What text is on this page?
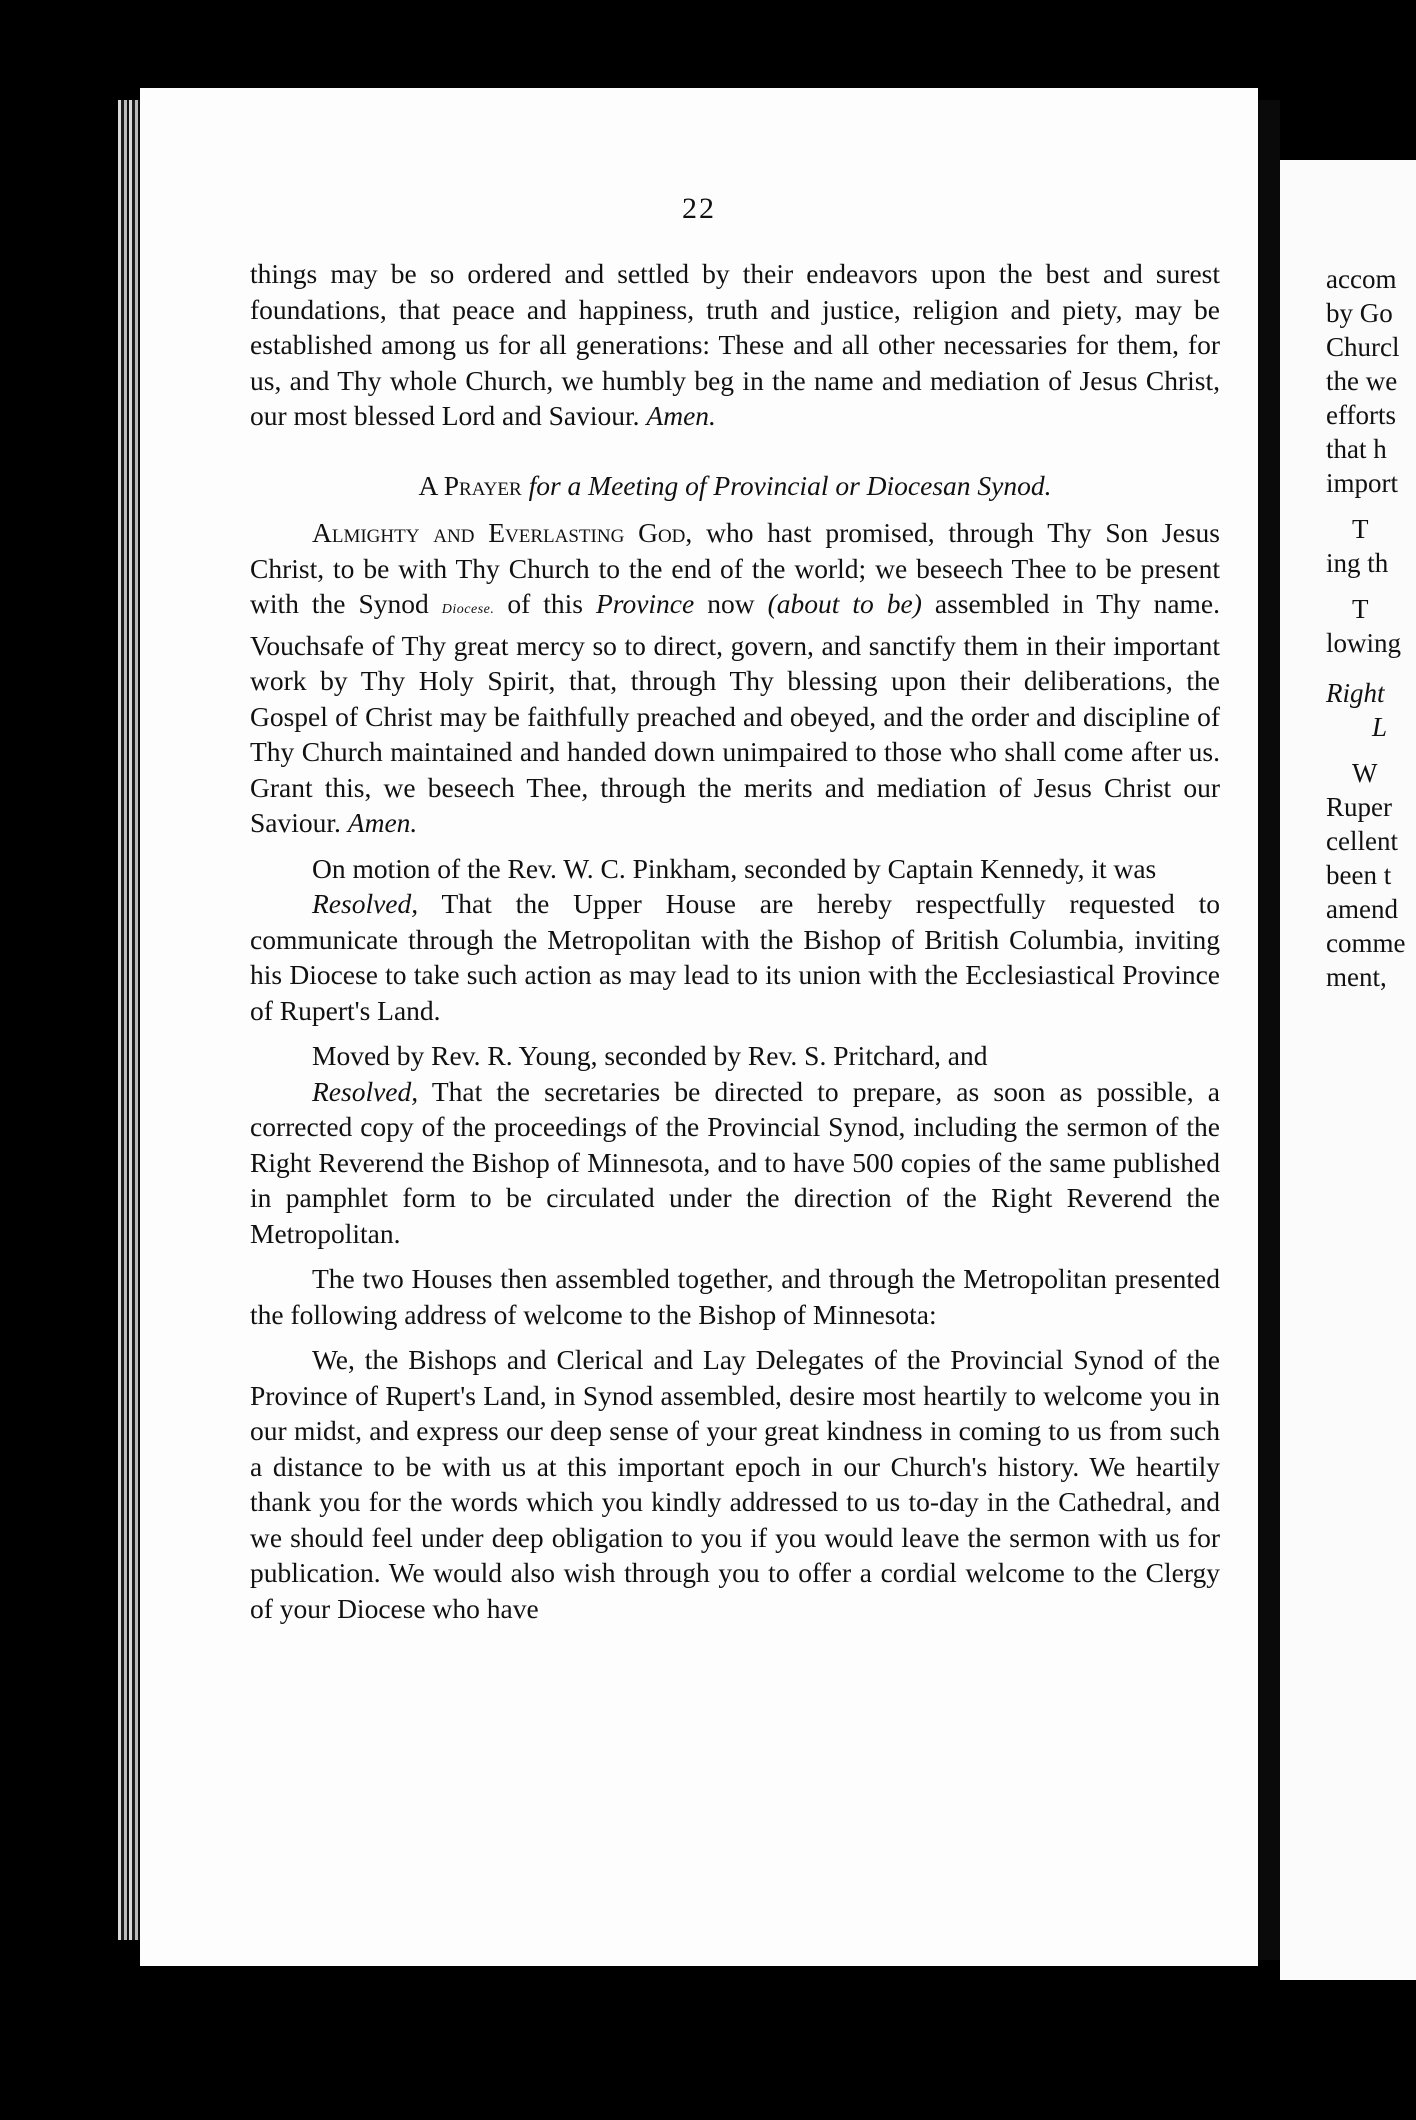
22

things may be so ordered and settled by their endeavors upon the best and surest foundations, that peace and happiness, truth and justice, religion and piety, may be established among us for all generations: These and all other necessaries for them, for us, and Thy whole Church, we humbly beg in the name and mediation of Jesus Christ, our most blessed Lord and Saviour. Amen.

A Prayer for a Meeting of Provincial or Diocesan Synod.

Almighty and Everlasting God, who hast promised, through Thy Son Jesus Christ, to be with Thy Church to the end of the world; we beseech Thee to be present with the Synod Diocese. of this Province now (about to be) assembled in Thy name. Vouchsafe of Thy great mercy so to direct, govern, and sanctify them in their important work by Thy Holy Spirit, that, through Thy blessing upon their deliberations, the Gospel of Christ may be faithfully preached and obeyed, and the order and discipline of Thy Church maintained and handed down unimpaired to those who shall come after us. Grant this, we beseech Thee, through the merits and mediation of Jesus Christ our Saviour. Amen.

On motion of the Rev. W. C. Pinkham, seconded by Captain Kennedy, it was

Resolved, That the Upper House are hereby respectfully requested to communicate through the Metropolitan with the Bishop of British Columbia, inviting his Diocese to take such action as may lead to its union with the Ecclesiastical Province of Rupert's Land.

Moved by Rev. R. Young, seconded by Rev. S. Pritchard, and

Resolved, That the secretaries be directed to prepare, as soon as possible, a corrected copy of the proceedings of the Provincial Synod, including the sermon of the Right Reverend the Bishop of Minnesota, and to have 500 copies of the same published in pamphlet form to be circulated under the direction of the Right Reverend the Metropolitan.

The two Houses then assembled together, and through the Metropolitan presented the following address of welcome to the Bishop of Minnesota:

We, the Bishops and Clerical and Lay Delegates of the Provincial Synod of the Province of Rupert's Land, in Synod assembled, desire most heartily to welcome you in our midst, and express our deep sense of your great kindness in coming to us from such a distance to be with us at this important epoch in our Church's history. We heartily thank you for the words which you kindly addressed to us to-day in the Cathedral, and we should feel under deep obligation to you if you would leave the sermon with us for publication. We would also wish through you to offer a cordial welcome to the Clergy of your Diocese who have

accom
by Go
Churcl
the we
efforts
that h
import
T
ing th
T
lowing
Right
L
W
Ruper
cellent
been t
amend
comme
ment,
